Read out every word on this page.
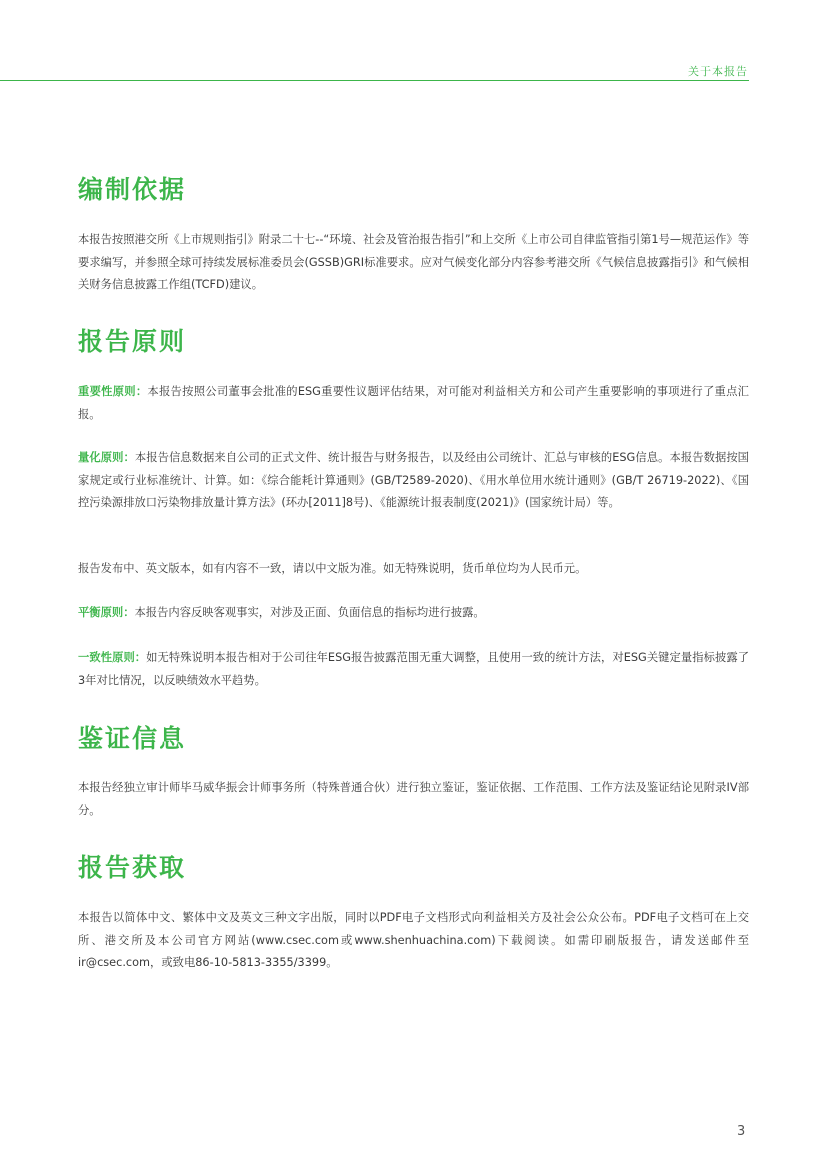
关于本报告
编制依据

本报告按照港交所《上市规则指引》附录二十七--“环境、社会及管治报告指引”和上交所《上市公司自律监管指引第1号—规范运作》等要求编写，并参照全球可持续发展标准委员会(GSSB)GRI标准要求。应对气候变化部分内容参考港交所《气候信息披露指引》和气候相关财务信息披露工作组(TCFD)建议。

报告原则

重要性原则：本报告按照公司董事会批准的ESG重要性议题评估结果，对可能对利益相关方和公司产生重要影响的事项进行了重点汇报。

量化原则：本报告信息数据来自公司的正式文件、统计报告与财务报告，以及经由公司统计、汇总与审核的ESG信息。本报告数据按国家规定或行业标准统计、计算。如：《综合能耗计算通则》(GB/T2589-2020)、《用水单位用水统计通则》(GB/T 26719-2022)、《国控污染源排放口污染物排放量计算方法》(环办[2011]8号)、《能源统计报表制度(2021)》(国家统计局）等。

报告发布中、英文版本，如有内容不一致，请以中文版为准。如无特殊说明，货币单位均为人民币元。

平衡原则：本报告内容反映客观事实，对涉及正面、负面信息的指标均进行披露。

一致性原则：如无特殊说明本报告相对于公司往年ESG报告披露范围无重大调整，且使用一致的统计方法，对ESG关键定量指标披露了3年对比情况，以反映绩效水平趋势。

鉴证信息

本报告经独立审计师毕马威华振会计师事务所（特殊普通合伙）进行独立鉴证，鉴证依据、工作范围、工作方法及鉴证结论见附录IV部分。

报告获取

本报告以简体中文、繁体中文及英文三种文字出版，同时以PDF电子文档形式向利益相关方及社会公众公布。PDF电子文档可在上交所、港交所及本公司官方网站(www.csec.com或www.shenhuachina.com)下载阅读。如需印刷版报告，请发送邮件至ir@csec.com，或致电86-10-5813-3355/3399。

3
